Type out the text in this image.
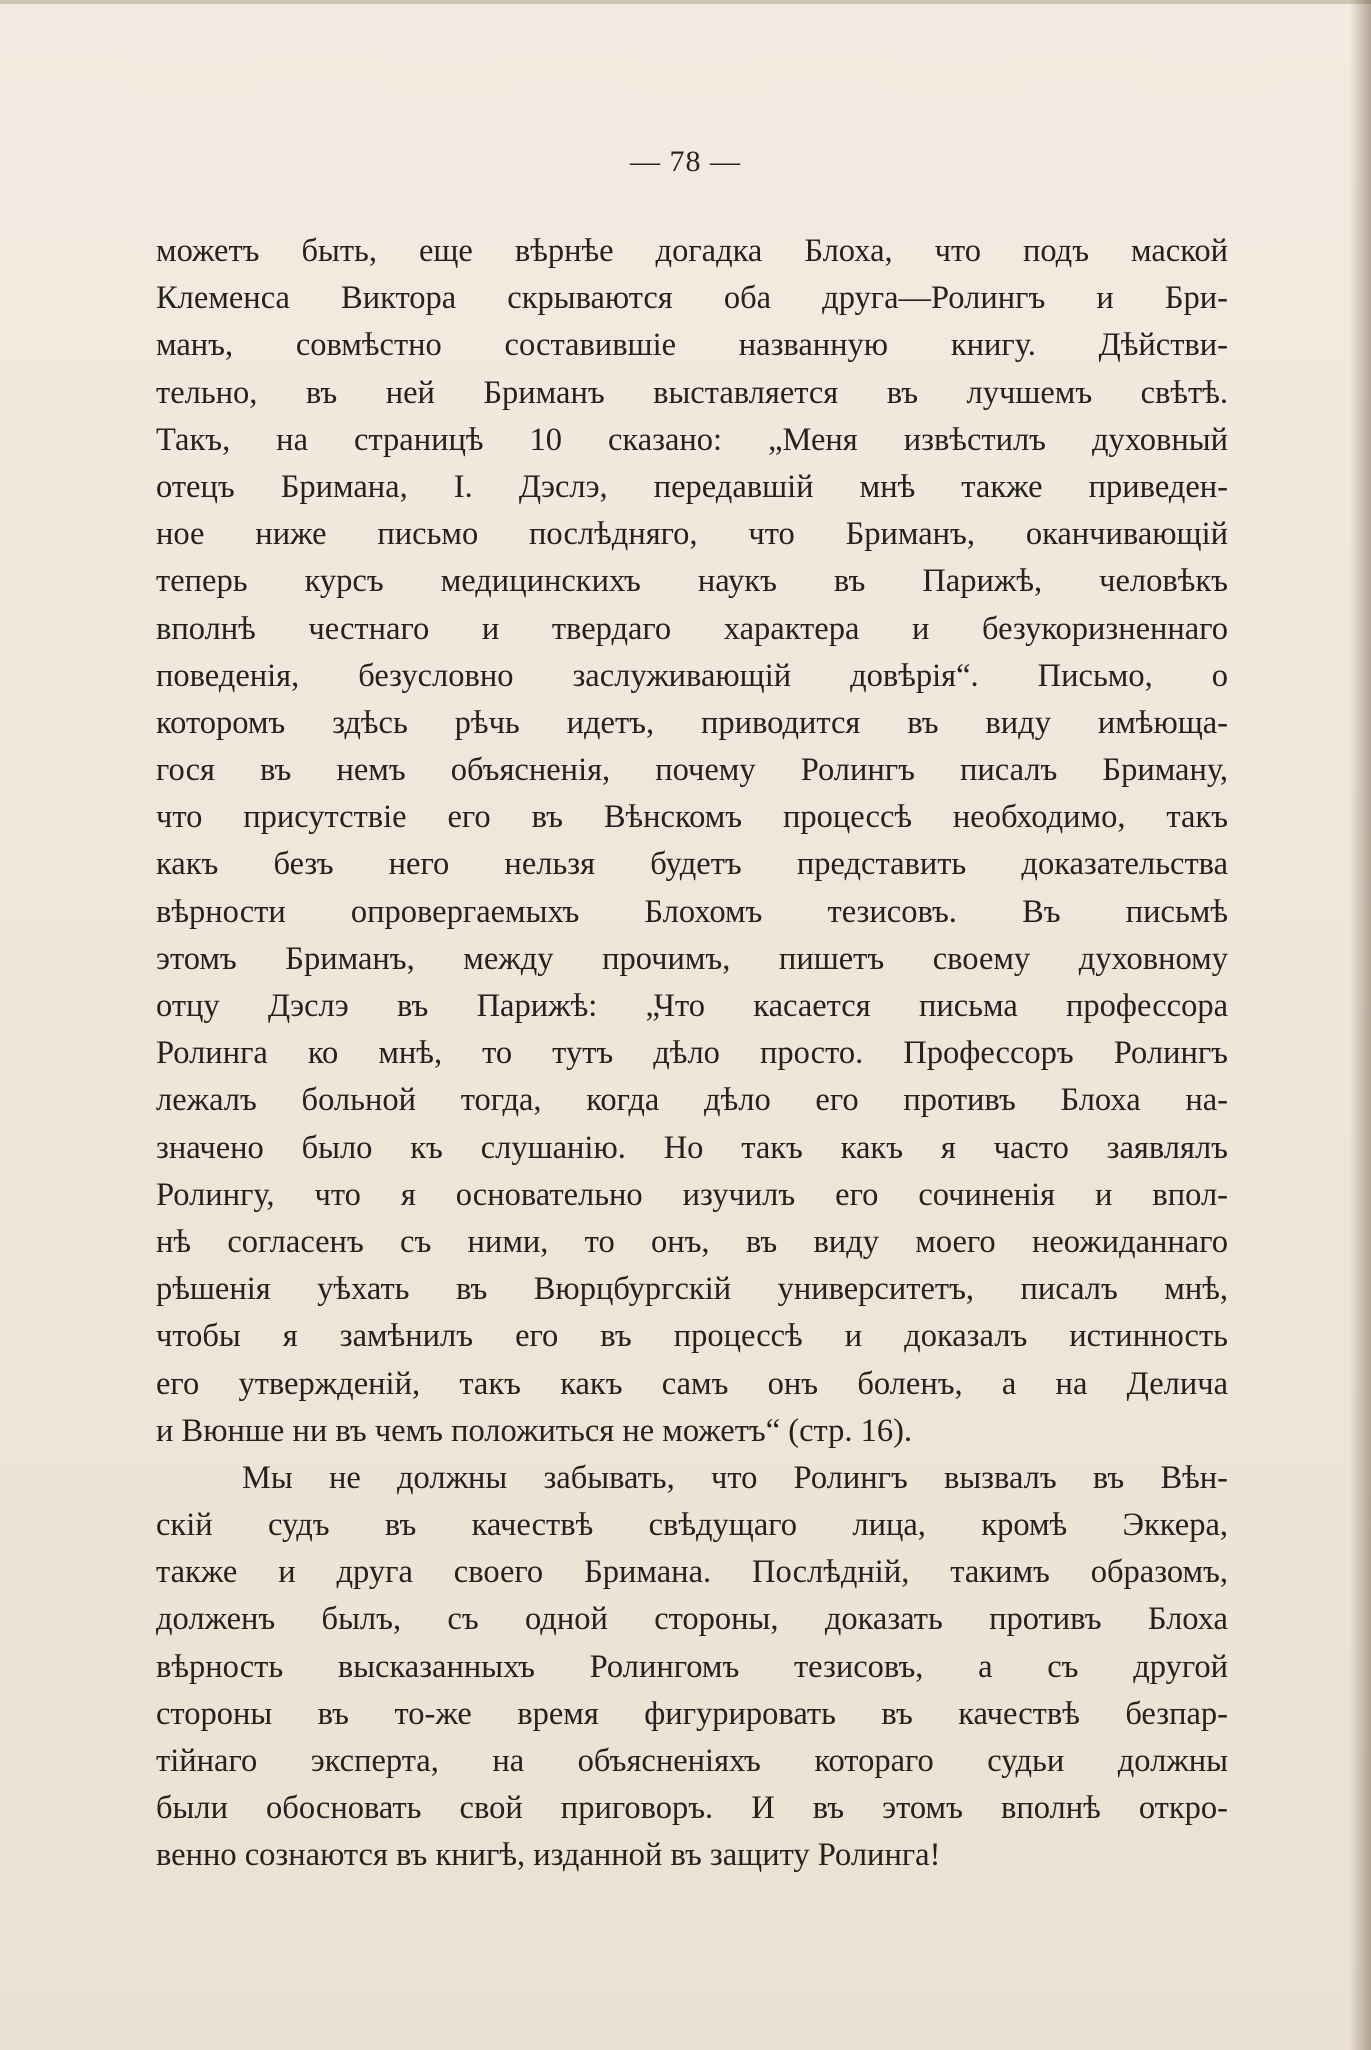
— 78 —
можетъ быть, еще вѣрнѣе догадка Блоха, что подъ маской
Клеменса Виктора скрываются оба друга—Ролингъ и Бри-
манъ, совмѣстно составившіе названную книгу. Дѣйстви-
тельно, въ ней Бриманъ выставляется въ лучшемъ свѣтѣ.
Такъ, на страницѣ 10 сказано: „Меня извѣстилъ духовный
отецъ Бримана, I. Дэслэ, передавшій мнѣ также приведен-
ное ниже письмо послѣдняго, что Бриманъ, оканчивающій
теперь курсъ медицинскихъ наукъ въ Парижѣ, человѣкъ
вполнѣ честнаго и твердаго характера и безукоризненнаго
поведенія, безусловно заслуживающій довѣрія“. Письмо, о
которомъ здѣсь рѣчь идетъ, приводится въ виду имѣюща-
гося въ немъ объясненія, почему Ролингъ писалъ Бриману,
что присутствіе его въ Вѣнскомъ процессѣ необходимо, такъ
какъ безъ него нельзя будетъ представить доказательства
вѣрности опровергаемыхъ Блохомъ тезисовъ. Въ письмѣ
этомъ Бриманъ, между прочимъ, пишетъ своему духовному
отцу Дэслэ въ Парижѣ: „Что касается письма профессора
Ролинга ко мнѣ, то тутъ дѣло просто. Профессоръ Ролингъ
лежалъ больной тогда, когда дѣло его противъ Блоха на-
значено было къ слушанію. Но такъ какъ я часто заявлялъ
Ролингу, что я основательно изучилъ его сочиненія и впол-
нѣ согласенъ съ ними, то онъ, въ виду моего неожиданнаго
рѣшенія уѣхать въ Вюрцбургскій университетъ, писалъ мнѣ,
чтобы я замѣнилъ его въ процессѣ и доказалъ истинность
его утвержденій, такъ какъ самъ онъ боленъ, а на Делича
и Вюнше ни въ чемъ положиться не можетъ“ (стр. 16).
Мы не должны забывать, что Ролингъ вызвалъ въ Вѣн-
скій судъ въ качествѣ свѣдущаго лица, кромѣ Эккера,
также и друга своего Бримана. Послѣдній, такимъ образомъ,
долженъ былъ, съ одной стороны, доказать противъ Блоха
вѣрность высказанныхъ Ролингомъ тезисовъ, а съ другой
стороны въ то-же время фигурировать въ качествѣ безпар-
тійнаго эксперта, на объясненіяхъ котораго судьи должны
были обосновать свой приговоръ. И въ этомъ вполнѣ откро-
венно сознаются въ книгѣ, изданной въ защиту Ролинга!
